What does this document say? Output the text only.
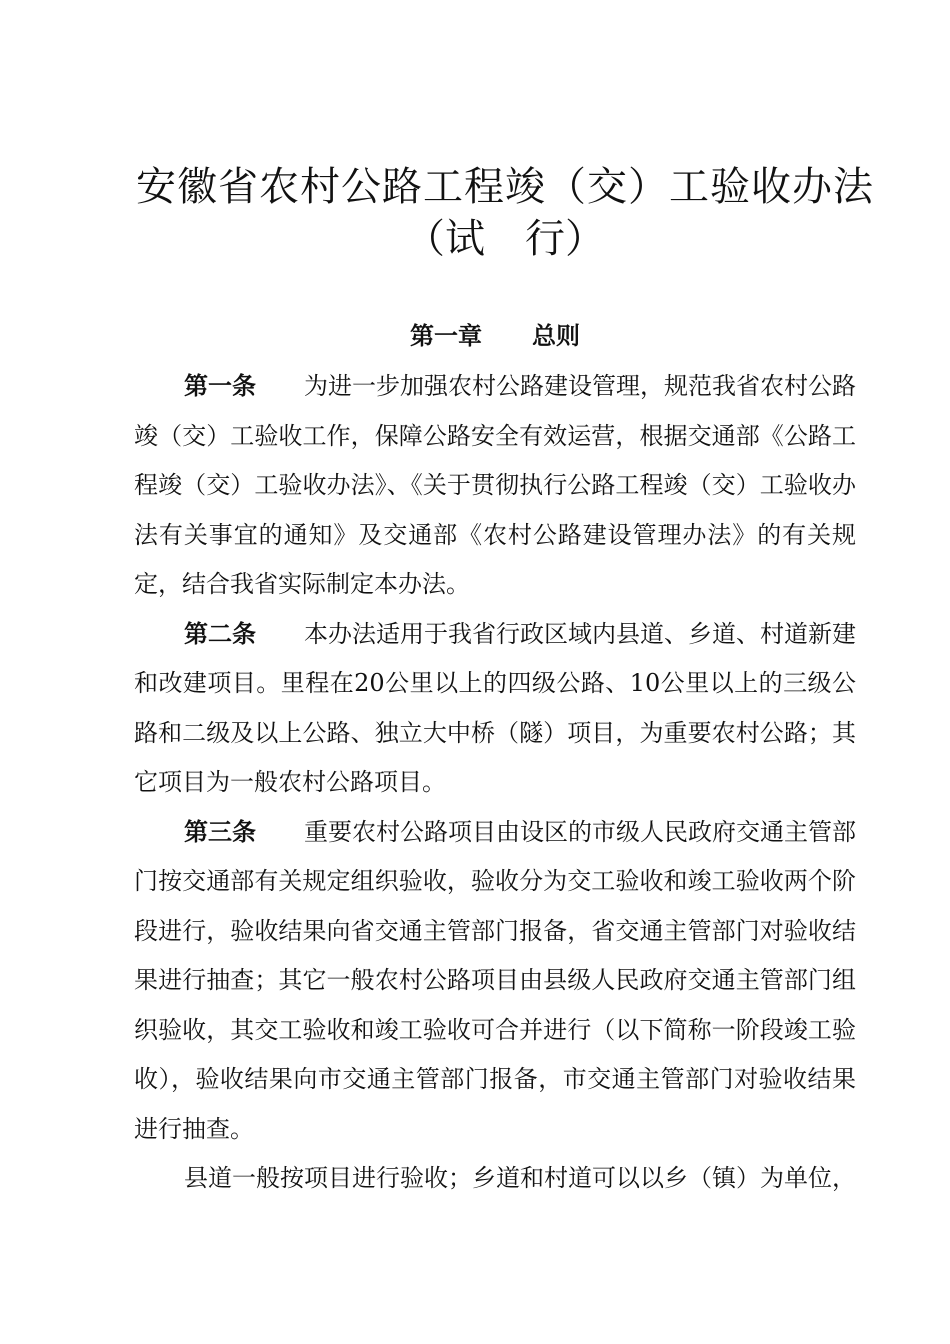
安徽省农村公路工程竣（交）工验收办法
（试　行）
第一章 总则

第一条 为进一步加强农村公路建设管理，规范我省农村公路竣（交）工验收工作，保障公路安全有效运营，根据交通部《公路工程竣（交）工验收办法》、《关于贯彻执行公路工程竣（交）工验收办法有关事宜的通知》及交通部《农村公路建设管理办法》的有关规定，结合我省实际制定本办法。

第二条 本办法适用于我省行政区域内县道、乡道、村道新建和改建项目。里程在20公里以上的四级公路、10公里以上的三级公路和二级及以上公路、独立大中桥（隧）项目，为重要农村公路；其它项目为一般农村公路项目。

第三条 重要农村公路项目由设区的市级人民政府交通主管部门按交通部有关规定组织验收，验收分为交工验收和竣工验收两个阶段进行，验收结果向省交通主管部门报备，省交通主管部门对验收结果进行抽查；其它一般农村公路项目由县级人民政府交通主管部门组织验收，其交工验收和竣工验收可合并进行（以下简称一阶段竣工验收），验收结果向市交通主管部门报备，市交通主管部门对验收结果进行抽查。

县道一般按项目进行验收；乡道和村道可以以乡（镇）为单位，
